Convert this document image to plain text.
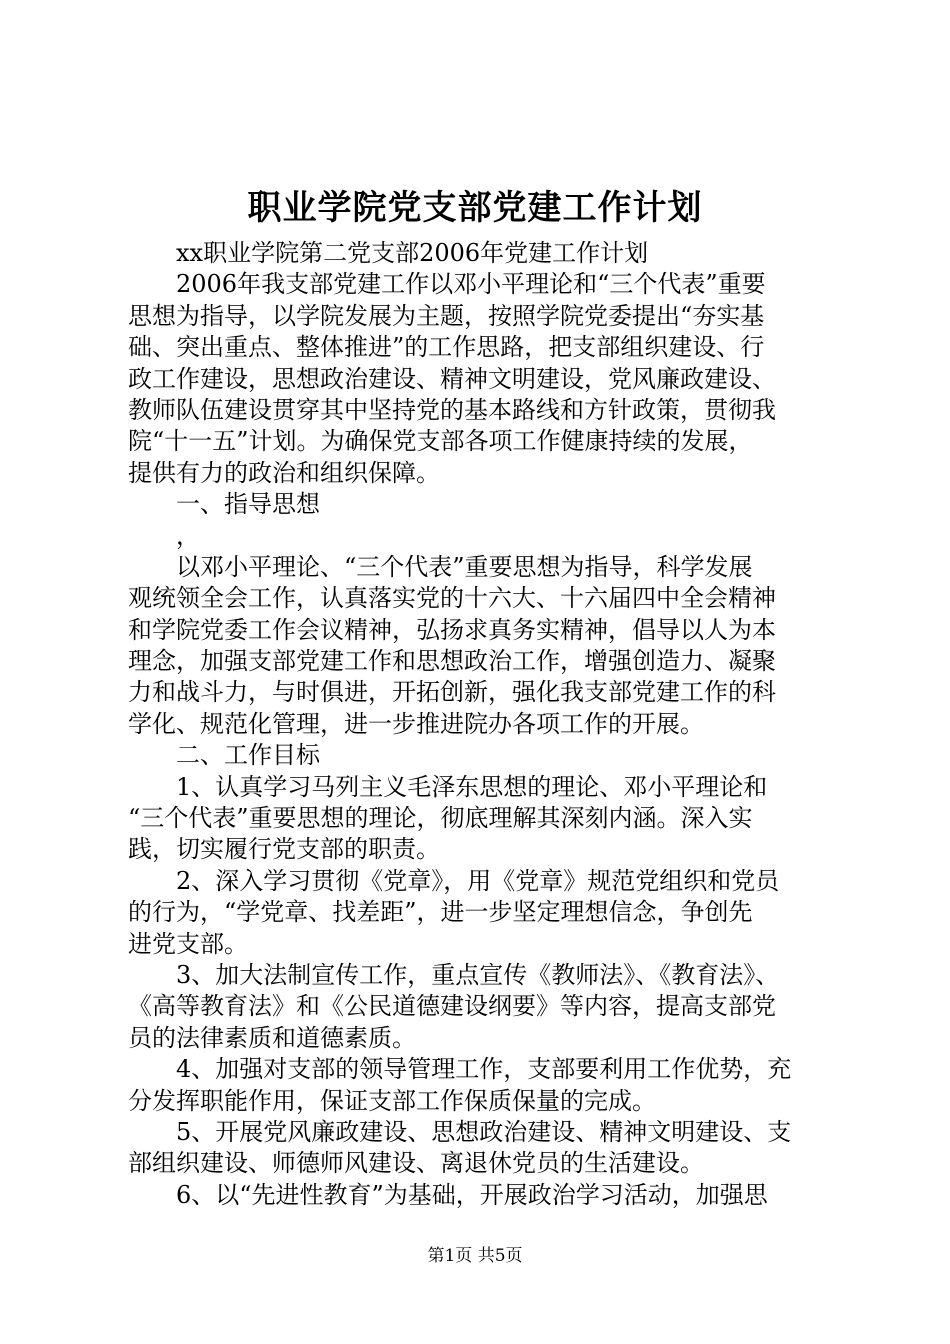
职业学院党支部党建工作计划
　　xx职业学院第二党支部2006年党建工作计划
　　2006年我支部党建工作以邓小平理论和“三个代表”重要
思想为指导，以学院发展为主题，按照学院党委提出“夯实基
础、突出重点、整体推进”的工作思路，把支部组织建设、行
政工作建设，思想政治建设、精神文明建设，党风廉政建设、
教师队伍建设贯穿其中坚持党的基本路线和方针政策，贯彻我
院“十一五”计划。为确保党支部各项工作健康持续的发展，
提供有力的政治和组织保障。
　　一、指导思想
　　，
　　以邓小平理论、“三个代表”重要思想为指导，科学发展
观统领全会工作，认真落实党的十六大、十六届四中全会精神
和学院党委工作会议精神，弘扬求真务实精神，倡导以人为本
理念，加强支部党建工作和思想政治工作，增强创造力、凝聚
力和战斗力，与时俱进，开拓创新，强化我支部党建工作的科
学化、规范化管理，进一步推进院办各项工作的开展。
　　二、工作目标
　　1、认真学习马列主义毛泽东思想的理论、邓小平理论和
“三个代表”重要思想的理论，彻底理解其深刻内涵。深入实
践，切实履行党支部的职责。
　　2、深入学习贯彻《党章》，用《党章》规范党组织和党员
的行为，“学党章、找差距”，进一步坚定理想信念，争创先
进党支部。
　　3、加大法制宣传工作，重点宣传《教师法》、《教育法》、
《高等教育法》和《公民道德建设纲要》等内容，提高支部党
员的法律素质和道德素质。
　　4、加强对支部的领导管理工作，支部要利用工作优势，充
分发挥职能作用，保证支部工作保质保量的完成。
　　5、开展党风廉政建设、思想政治建设、精神文明建设、支
部组织建设、师德师风建设、离退休党员的生活建设。
　　6、以“先进性教育”为基础，开展政治学习活动，加强思
第1页 共5页
